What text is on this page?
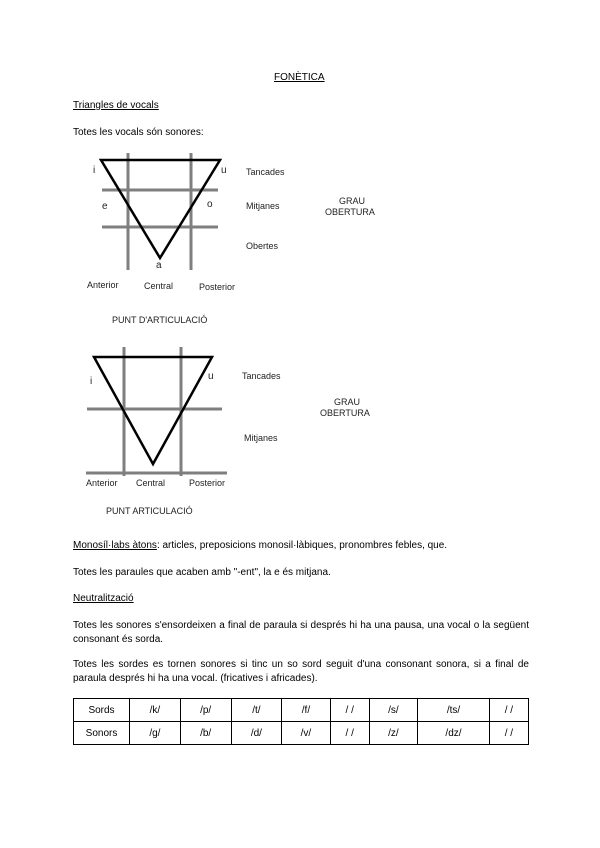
FONÈTICA
Triangles de vocals
Totes les vocals són sonores:
i	u
e	o
a
Tancades
Mitjanes
Obertes
GRAU
OBERTURA
Anterior	Central	Posterior
PUNT D'ARTICULACIÓ
i	u	Tancades
Mitjanes
GRAU
OBERTURA
Anterior Central	Posterior
PUNT ARTICULACIÓ
Monosíl·labs àtons: articles, preposicions monosil·làbiques, pronombres febles, que.
Totes les paraules que acaben amb "-ent", la e és mitjana.
Neutralització
Totes les sonores s'ensordeixen a final de paraula si després hi ha una pausa, una vocal o la següent consonant és sorda.
Totes les sordes es tornen sonores si tinc un so sord seguit d'una consonant sonora, si a final de paraula després hi ha una vocal. (fricatives i africades).
Sords	/k/	/p/	/t/	/f/	/ /	/s/	/ts/	/ /
Sonors	/g/	/b/	/d/	/v/	/ /	/z/	/dz/	/ /
